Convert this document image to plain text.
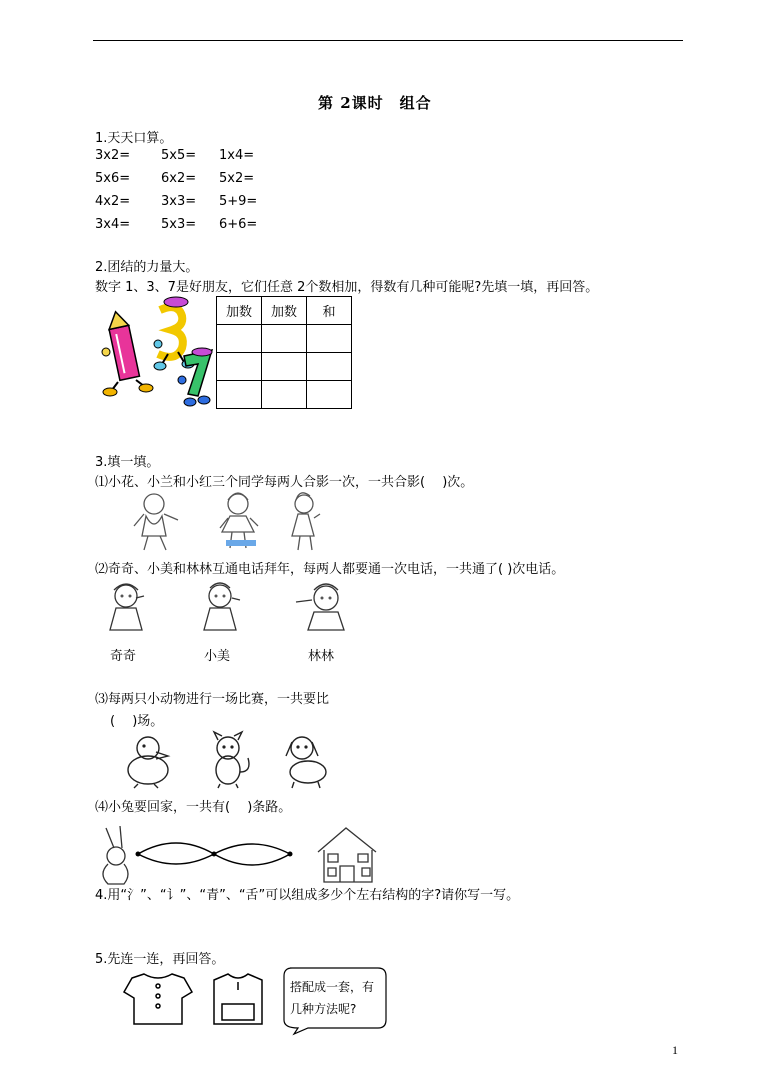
第 2课时　组合
1.天天口算。
3x2= 5x5= 1x4=
5x6= 6x2= 5x2=
4x2= 3x3= 5+9=
3x4= 5x3= 6+6=
2.团结的力量大。
数字 1、3、7是好朋友，它们任意 2个数相加，得数有几种可能呢?先填一填，再回答。
加数	加数	和

3.填一填。
⑴小花、小兰和小红三个同学每两人合影一次，一共合影(　 )次。
⑵奇奇、小美和林林互通电话拜年，每两人都要通一次电话，一共通了( )次电话。
奇奇	小美	林林
⑶每两只小动物进行一场比赛，一共要比
(　 )场。
⑷小兔要回家，一共有(　 )条路。
4.用“氵”、“讠”、“青”、“舌”可以组成多少个左右结构的字?请你写一写。
5.先连一连，再回答。
搭配成一套，有
几种方法呢?
1
